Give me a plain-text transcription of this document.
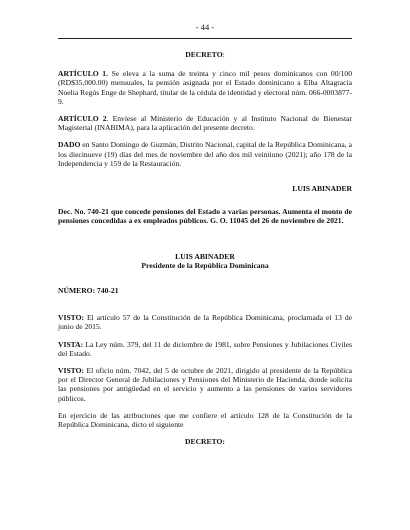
- 44 -

DECRETO:

ARTÍCULO 1. Se eleva a la suma de treinta y cinco mil pesos dominicanos con 00/100 (RD$35,000.00) mensuales, la pensión asignada por el Estado dominicano a Elba Altagracia Noelia Regús Enge de Shephard, titular de la cédula de identidad y electoral núm. 066-0003877-9.

ARTÍCULO 2. Envíese al Ministerio de Educación y al Instituto Nacional de Bienestar Magisterial (INABIMA), para la aplicación del presente decreto.

DADO en Santo Domingo de Guzmán, Distrito Nacional, capital de la República Dominicana, a los diecinueve (19) días del mes de noviembre del año dos mil veintiuno (2021); año 178 de la Independencia y 159 de la Restauración.

LUIS ABINADER

Dec. No. 740-21 que concede pensiones del Estado a varias personas. Aumenta el monto de pensiones concedidas a ex empleados públicos. G. O. 11045 del 26 de noviembre de 2021.

LUIS ABINADER
Presidente de la República Dominicana

NÚMERO: 740-21

VISTO: El artículo 57 de la Constitución de la República Dominicana, proclamada el 13 de junio de 2015.

VISTA: La Ley núm. 379, del 11 de diciembre de 1981, sobre Pensiones y Jubilaciones Civiles del Estado.

VISTO: El oficio núm. 7042, del 5 de octubre de 2021, dirigido al presidente de la República por el Director General de Jubilaciones y Pensiones del Ministerio de Hacienda, donde solicita las pensiones por antigüedad en el servicio y aumento a las pensiones de varios servidores públicos.

En ejercicio de las atribuciones que me confiere el artículo 128 de la Constitución de la República Dominicana, dicto el siguiente

DECRETO:
